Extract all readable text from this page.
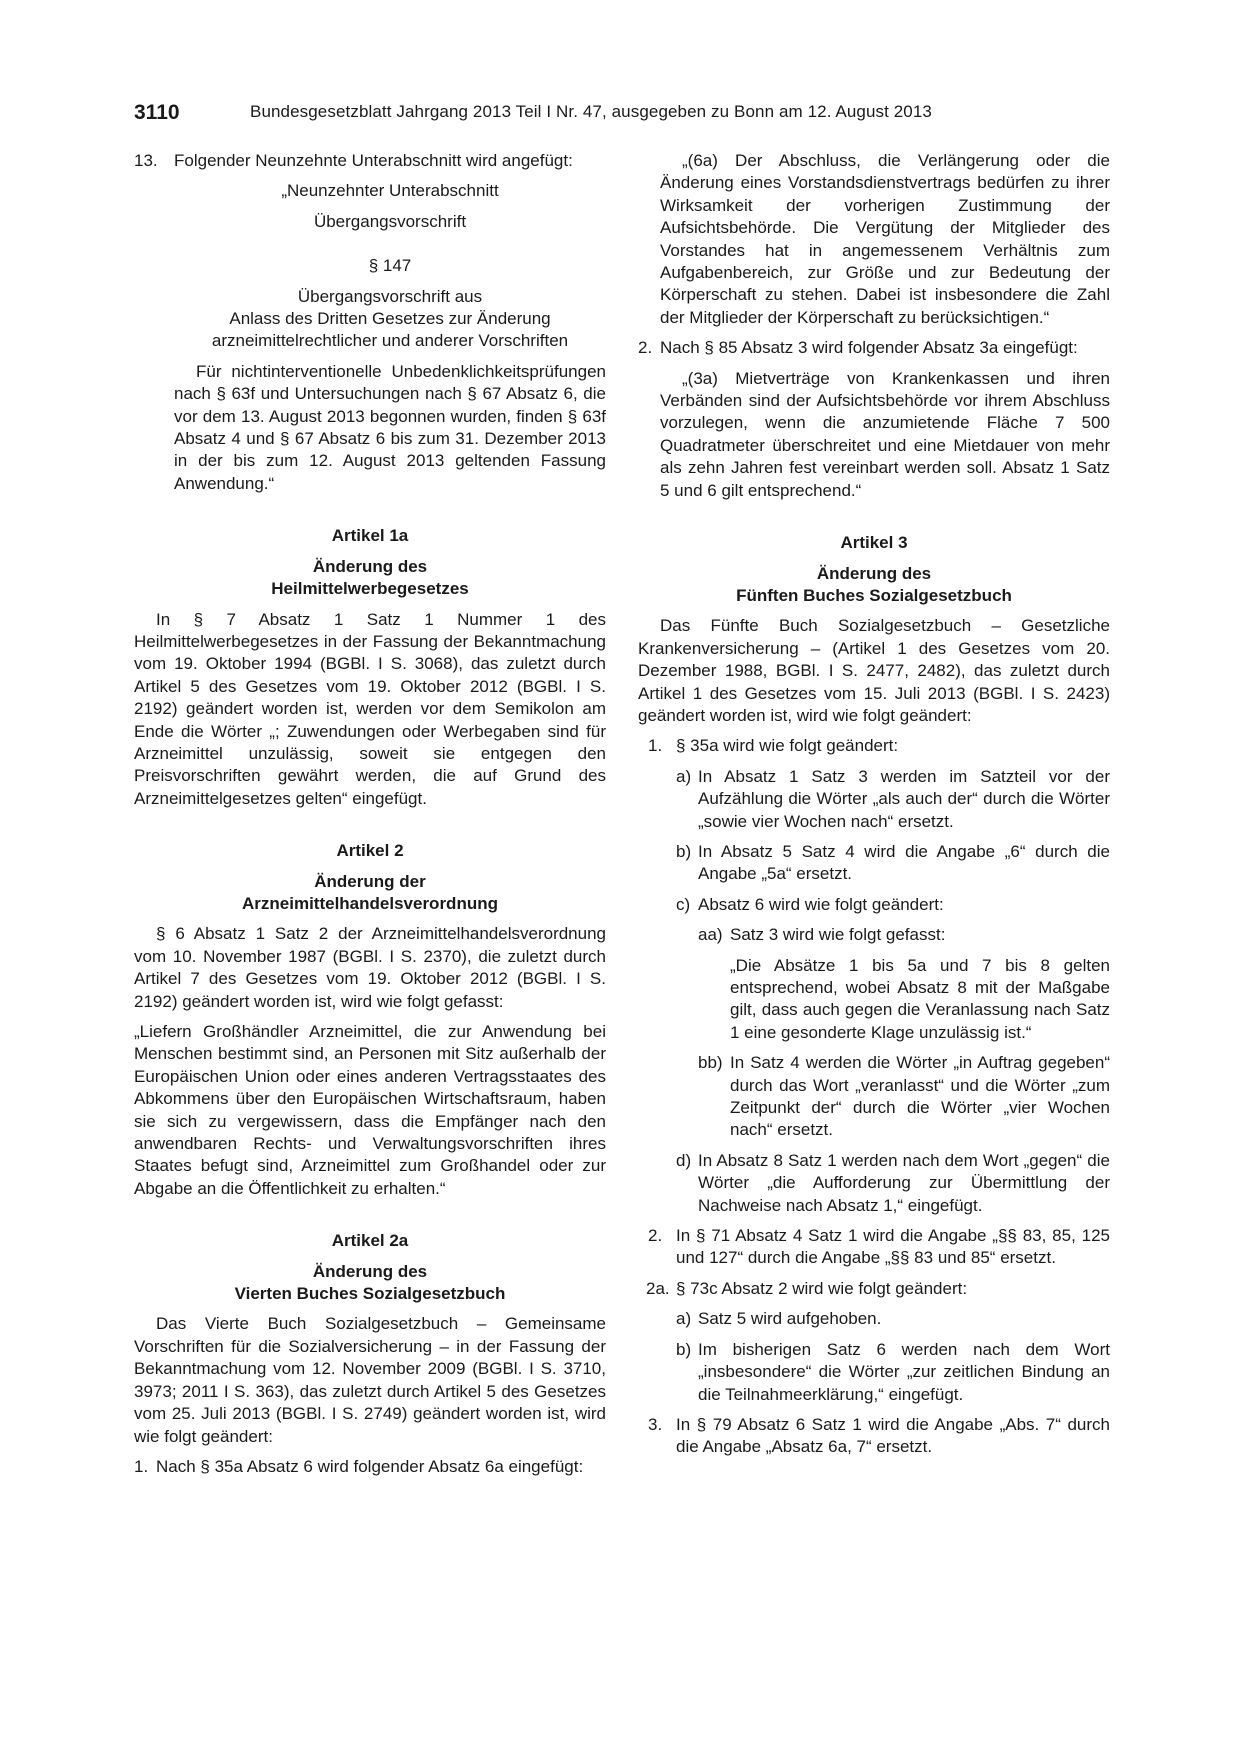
3110	Bundesgesetzblatt Jahrgang 2013 Teil I Nr. 47, ausgegeben zu Bonn am 12. August 2013
13. Folgender Neunzehnte Unterabschnitt wird angefügt:

„Neunzehnter Unterabschnitt

Übergangsvorschrift

§ 147

Übergangsvorschrift aus

Anlass des Dritten Gesetzes zur Änderung

arzneimittelrechtlicher und anderer Vorschriften

Für nichtinterventionelle Unbedenklichkeitsprüfungen nach § 63f und Untersuchungen nach § 67 Absatz 6, die vor dem 13. August 2013 begonnen wurden, finden § 63f Absatz 4 und § 67 Absatz 6 bis zum 31. Dezember 2013 in der bis zum 12. August 2013 geltenden Fassung Anwendung.“

Artikel 1a

Änderung des

Heilmittelwerbegesetzes

In § 7 Absatz 1 Satz 1 Nummer 1 des Heilmittelwerbegesetzes in der Fassung der Bekanntmachung vom 19. Oktober 1994 (BGBl. I S. 3068), das zuletzt durch Artikel 5 des Gesetzes vom 19. Oktober 2012 (BGBl. I S. 2192) geändert worden ist, werden vor dem Semikolon am Ende die Wörter „; Zuwendungen oder Werbegaben sind für Arzneimittel unzulässig, soweit sie entgegen den Preisvorschriften gewährt werden, die auf Grund des Arzneimittelgesetzes gelten“ eingefügt.

Artikel 2

Änderung der

Arzneimittelhandelsverordnung

§ 6 Absatz 1 Satz 2 der Arzneimittelhandelsverordnung vom 10. November 1987 (BGBl. I S. 2370), die zuletzt durch Artikel 7 des Gesetzes vom 19. Oktober 2012 (BGBl. I S. 2192) geändert worden ist, wird wie folgt gefasst:

„Liefern Großhändler Arzneimittel, die zur Anwendung bei Menschen bestimmt sind, an Personen mit Sitz außerhalb der Europäischen Union oder eines anderen Vertragsstaates des Abkommens über den Europäischen Wirtschaftsraum, haben sie sich zu vergewissern, dass die Empfänger nach den anwendbaren Rechts- und Verwaltungsvorschriften ihres Staates befugt sind, Arzneimittel zum Großhandel oder zur Abgabe an die Öffentlichkeit zu erhalten.“

Artikel 2a

Änderung des

Vierten Buches Sozialgesetzbuch

Das Vierte Buch Sozialgesetzbuch – Gemeinsame Vorschriften für die Sozialversicherung – in der Fassung der Bekanntmachung vom 12. November 2009 (BGBl. I S. 3710, 3973; 2011 I S. 363), das zuletzt durch Artikel 5 des Gesetzes vom 25. Juli 2013 (BGBl. I S. 2749) geändert worden ist, wird wie folgt geändert:

1. Nach § 35a Absatz 6 wird folgender Absatz 6a eingefügt:

„(6a) Der Abschluss, die Verlängerung oder die Änderung eines Vorstandsdienstvertrags bedürfen zu ihrer Wirksamkeit der vorherigen Zustimmung der Aufsichtsbehörde. Die Vergütung der Mitglieder des Vorstandes hat in angemessenem Verhältnis zum Aufgabenbereich, zur Größe und zur Bedeutung der Körperschaft zu stehen. Dabei ist insbesondere die Zahl der Mitglieder der Körperschaft zu berücksichtigen.“

2. Nach § 85 Absatz 3 wird folgender Absatz 3a eingefügt:

„(3a) Mietverträge von Krankenkassen und ihren Verbänden sind der Aufsichtsbehörde vor ihrem Abschluss vorzulegen, wenn die anzumietende Fläche 7 500 Quadratmeter überschreitet und eine Mietdauer von mehr als zehn Jahren fest vereinbart werden soll. Absatz 1 Satz 5 und 6 gilt entsprechend.“

Artikel 3

Änderung des

Fünften Buches Sozialgesetzbuch

Das Fünfte Buch Sozialgesetzbuch – Gesetzliche Krankenversicherung – (Artikel 1 des Gesetzes vom 20. Dezember 1988, BGBl. I S. 2477, 2482), das zuletzt durch Artikel 1 des Gesetzes vom 15. Juli 2013 (BGBl. I S. 2423) geändert worden ist, wird wie folgt geändert:

1. § 35a wird wie folgt geändert:

a) In Absatz 1 Satz 3 werden im Satzteil vor der Aufzählung die Wörter „als auch der“ durch die Wörter „sowie vier Wochen nach“ ersetzt.

b) In Absatz 5 Satz 4 wird die Angabe „6“ durch die Angabe „5a“ ersetzt.

c) Absatz 6 wird wie folgt geändert:

aa) Satz 3 wird wie folgt gefasst:

„Die Absätze 1 bis 5a und 7 bis 8 gelten entsprechend, wobei Absatz 8 mit der Maßgabe gilt, dass auch gegen die Veranlassung nach Satz 1 eine gesonderte Klage unzulässig ist.“

bb) In Satz 4 werden die Wörter „in Auftrag gegeben“ durch das Wort „veranlasst“ und die Wörter „zum Zeitpunkt der“ durch die Wörter „vier Wochen nach“ ersetzt.

d) In Absatz 8 Satz 1 werden nach dem Wort „gegen“ die Wörter „die Aufforderung zur Übermittlung der Nachweise nach Absatz 1,“ eingefügt.

2. In § 71 Absatz 4 Satz 1 wird die Angabe „§§ 83, 85, 125 und 127“ durch die Angabe „§§ 83 und 85“ ersetzt.

2a. § 73c Absatz 2 wird wie folgt geändert:

a) Satz 5 wird aufgehoben.

b) Im bisherigen Satz 6 werden nach dem Wort „insbesondere“ die Wörter „zur zeitlichen Bindung an die Teilnahmeerklärung,“ eingefügt.

3. In § 79 Absatz 6 Satz 1 wird die Angabe „Abs. 7“ durch die Angabe „Absatz 6a, 7“ ersetzt.
